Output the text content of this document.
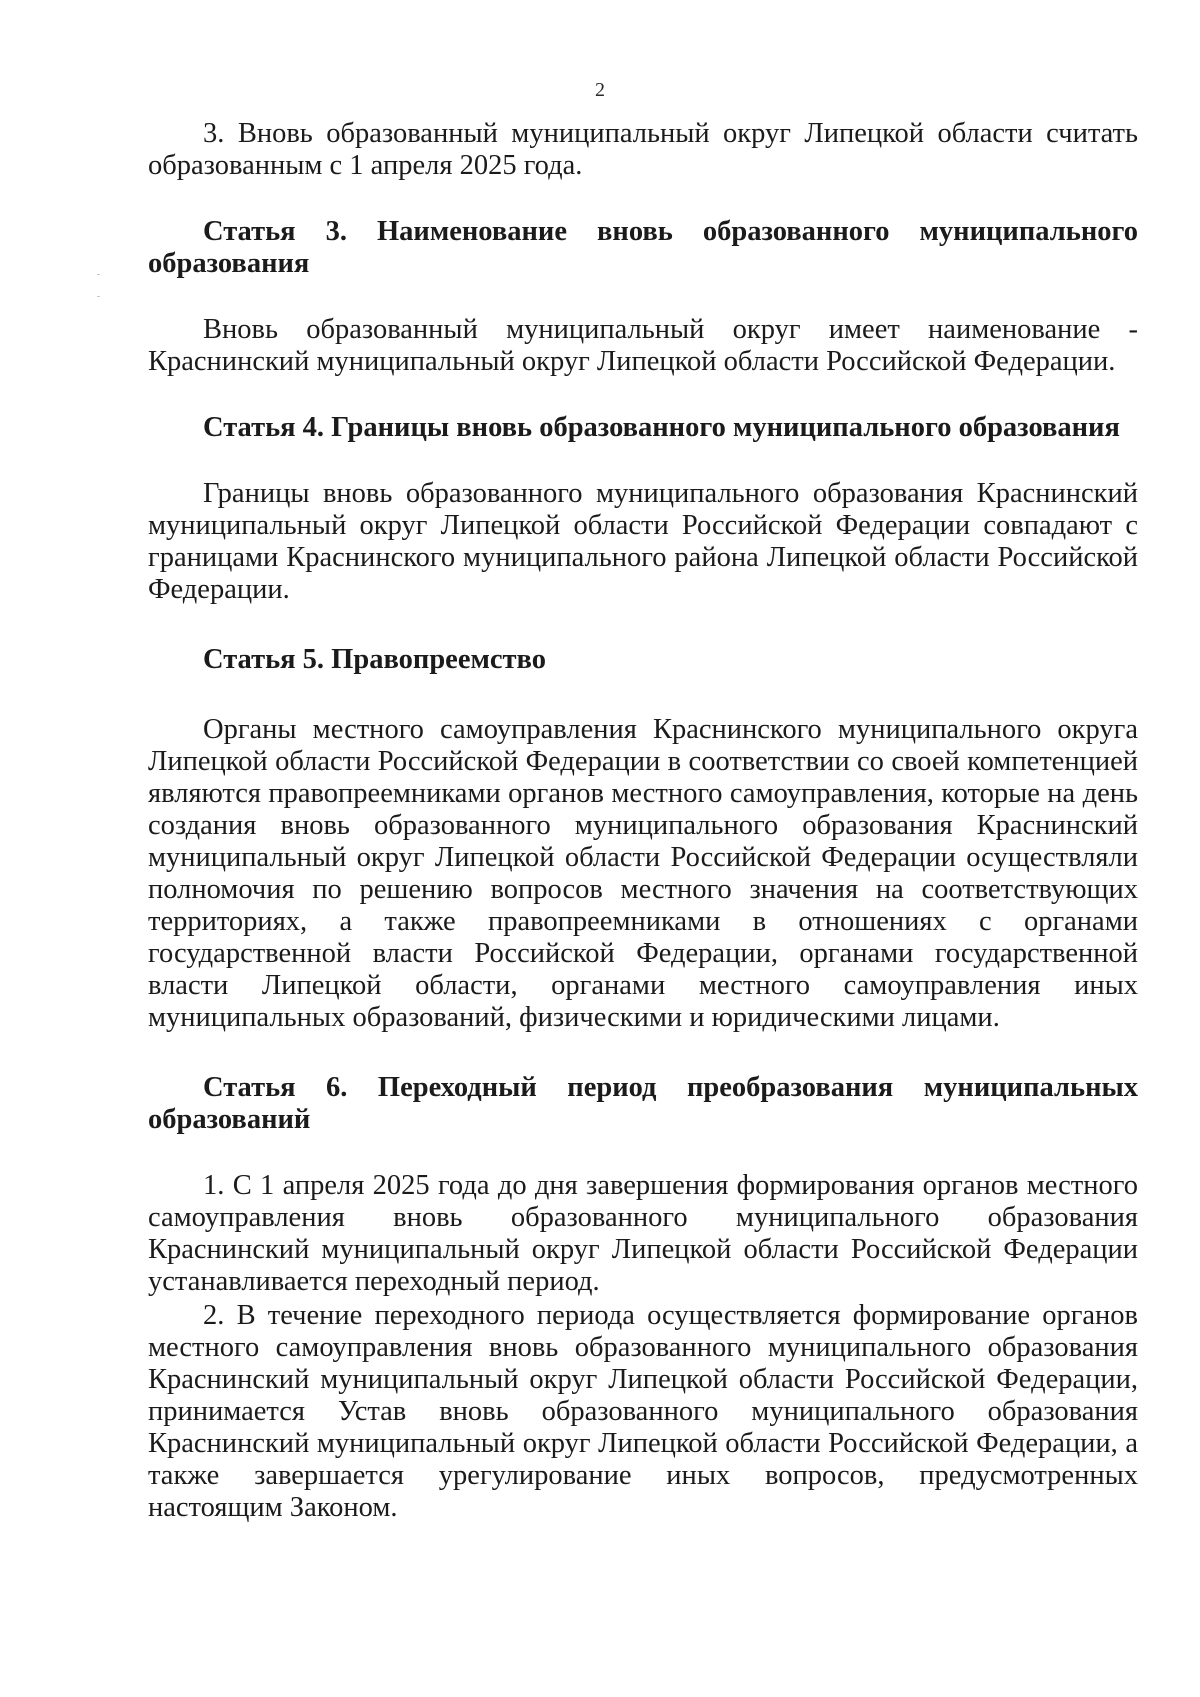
2

3. Вновь образованный муниципальный округ Липецкой области считать образованным с 1 апреля 2025 года.

Статья 3. Наименование вновь образованного муниципального образования

Вновь образованный муниципальный округ имеет наименование - Краснинский муниципальный округ Липецкой области Российской Федерации.

Статья 4. Границы вновь образованного муниципального образования

Границы вновь образованного муниципального образования Краснинский муниципальный округ Липецкой области Российской Федерации совпадают с границами Краснинского муниципального района Липецкой области Российской Федерации.

Статья 5. Правопреемство

Органы местного самоуправления Краснинского муниципального округа Липецкой области Российской Федерации в соответствии со своей компетенцией являются правопреемниками органов местного самоуправления, которые на день создания вновь образованного муниципального образования Краснинский муниципальный округ Липецкой области Российской Федерации осуществляли полномочия по решению вопросов местного значения на соответствующих территориях, а также правопреемниками в отношениях с органами государственной власти Российской Федерации, органами государственной власти Липецкой области, органами местного самоуправления иных муниципальных образований, физическими и юридическими лицами.

Статья 6. Переходный период преобразования муниципальных образований

1. С 1 апреля 2025 года до дня завершения формирования органов местного самоуправления вновь образованного муниципального образования Краснинский муниципальный округ Липецкой области Российской Федерации устанавливается переходный период.

2. В течение переходного периода осуществляется формирование органов местного самоуправления вновь образованного муниципального образования Краснинский муниципальный округ Липецкой области Российской Федерации, принимается Устав вновь образованного муниципального образования Краснинский муниципальный округ Липецкой области Российской Федерации, а также завершается урегулирование иных вопросов, предусмотренных настоящим Законом.
